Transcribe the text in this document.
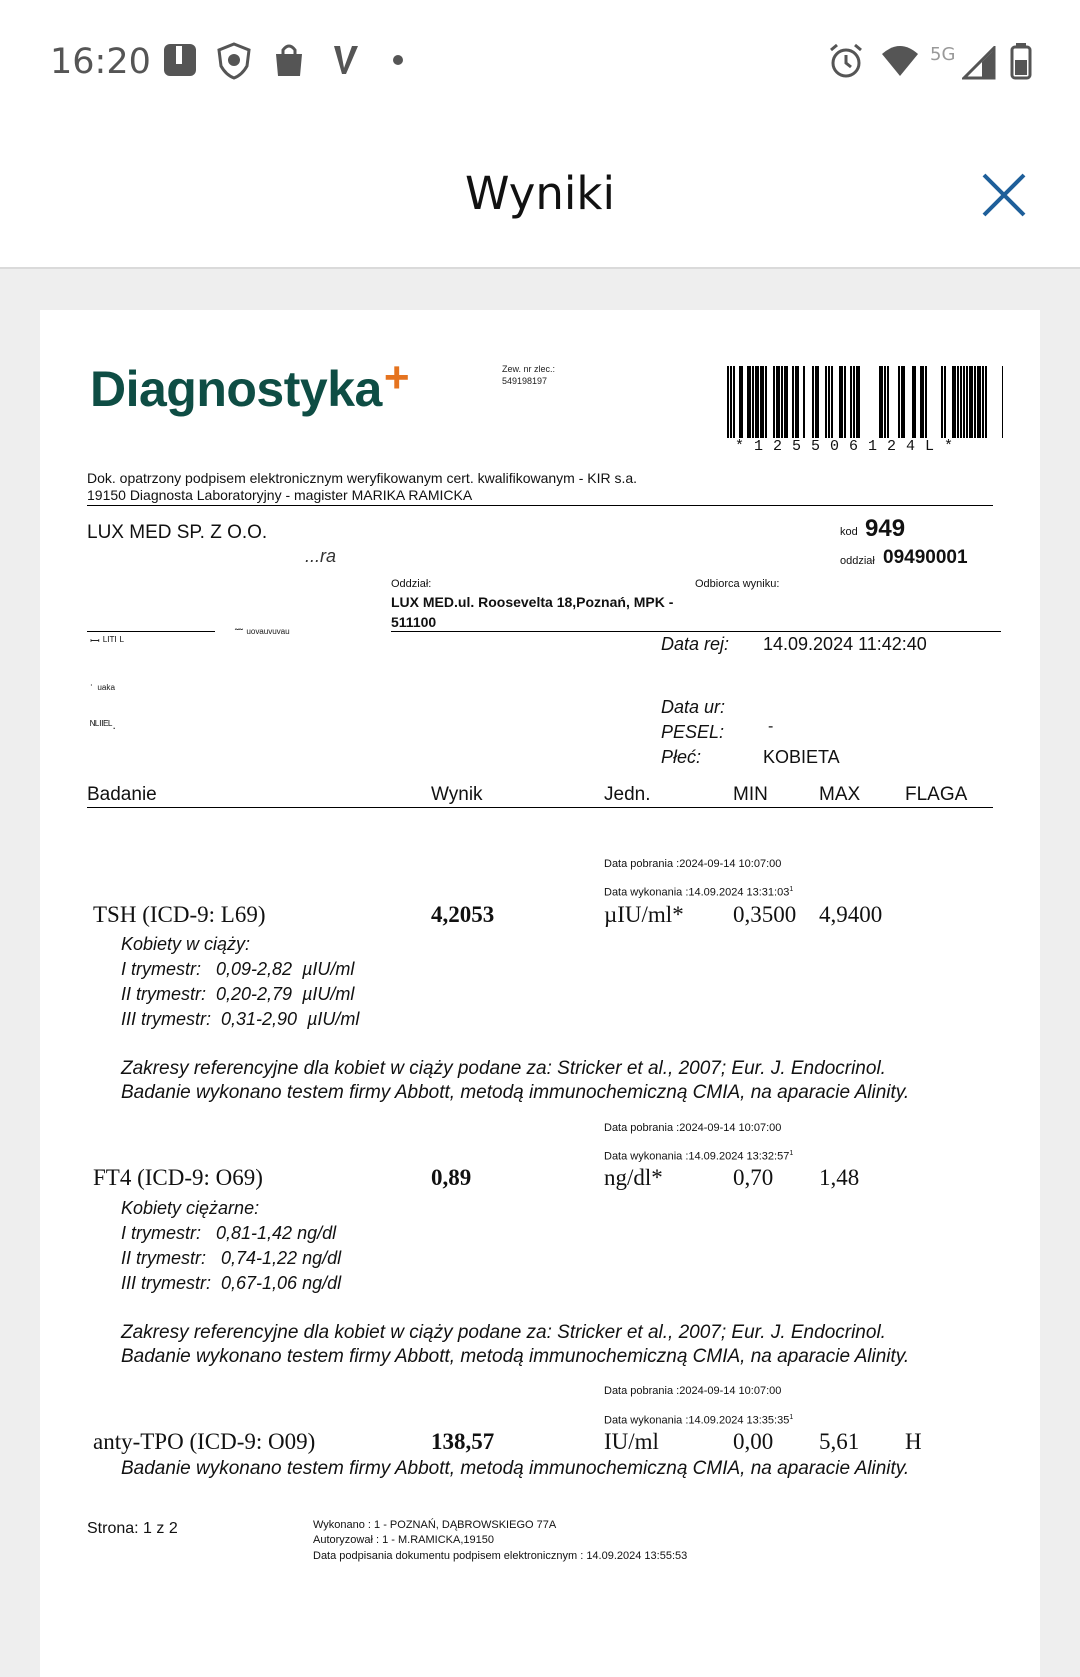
16:20	5G
Wyniki
Diagnostyka+	Zew. nr zlec.:
549198197
*125506124L*
Dok. opatrzony podpisem elektronicznym weryfikowanym cert. kwalifikowanym - KIR s.a.
19150 Diagnosta Laboratoryjny - magister MARIKA RAMICKA
LUX MED SP. Z O.O.
...ra
kod 949
oddział 09490001
Oddział:
LUX MED.ul. Roosevelta 18,Poznań, MPK -
511100
Odbiorca wyniku:
ꟷ ᴸᴵᵀᴵ ᴸ
˜˜ ᵘᵒᵛᵃᵘᵛᵘᵛᵃᵘ
˙ ᵘᵃᵏᵃ
ᴺᴸᴵᴵᴱᴸ.
Data rej: 14.09.2024 11:42:40
Data ur:
PESEL:	-
Płeć:	KOBIETA
Badanie	Wynik	Jedn.	MIN	MAX FLAGA
Data pobrania :2024-09-14 10:07:00
Data wykonania :14.09.2024 $13:31:03^1$
TSH (ICD-9: L69)	4,2053	µIU/ml* 0,3500 4,9400
Kobiety w ciąży:
I trymestr:   0,09-2,82  µIU/ml
II trymestr:  0,20-2,79  µIU/ml
III trymestr:  0,31-2,90  µIU/ml
Zakresy referencyjne dla kobiet w ciąży podane za: Stricker et al., 2007; Eur. J. Endocrinol.
Badanie wykonano testem firmy Abbott, metodą immunochemiczną CMIA, na aparacie Alinity.
Data pobrania :2024-09-14 10:07:00
Data wykonania :14.09.2024 $13:32:57^1$
FT4 (ICD-9: O69)	0,89	ng/dl*	0,70 1,48
Kobiety ciężarne:
I trymestr:   0,81-1,42 ng/dl
II trymestr:   0,74-1,22 ng/dl
III trymestr:  0,67-1,06 ng/dl
Zakresy referencyjne dla kobiet w ciąży podane za: Stricker et al., 2007; Eur. J. Endocrinol.
Badanie wykonano testem firmy Abbott, metodą immunochemiczną CMIA, na aparacie Alinity.
Data pobrania :2024-09-14 10:07:00
Data wykonania :14.09.2024 $13:35:35^1$
anty-TPO (ICD-9: O09)	138,57	IU/ml	0,00 5,61 H
Badanie wykonano testem firmy Abbott, metodą immunochemiczną CMIA, na aparacie Alinity.
Strona: 1 z 2	Wykonano : 1 - POZNAŃ, DĄBROWSKIEGO 77A
Autoryzował : 1 - M.RAMICKA,19150
Data podpisania dokumentu podpisem elektronicznym : 14.09.2024 13:55:53
